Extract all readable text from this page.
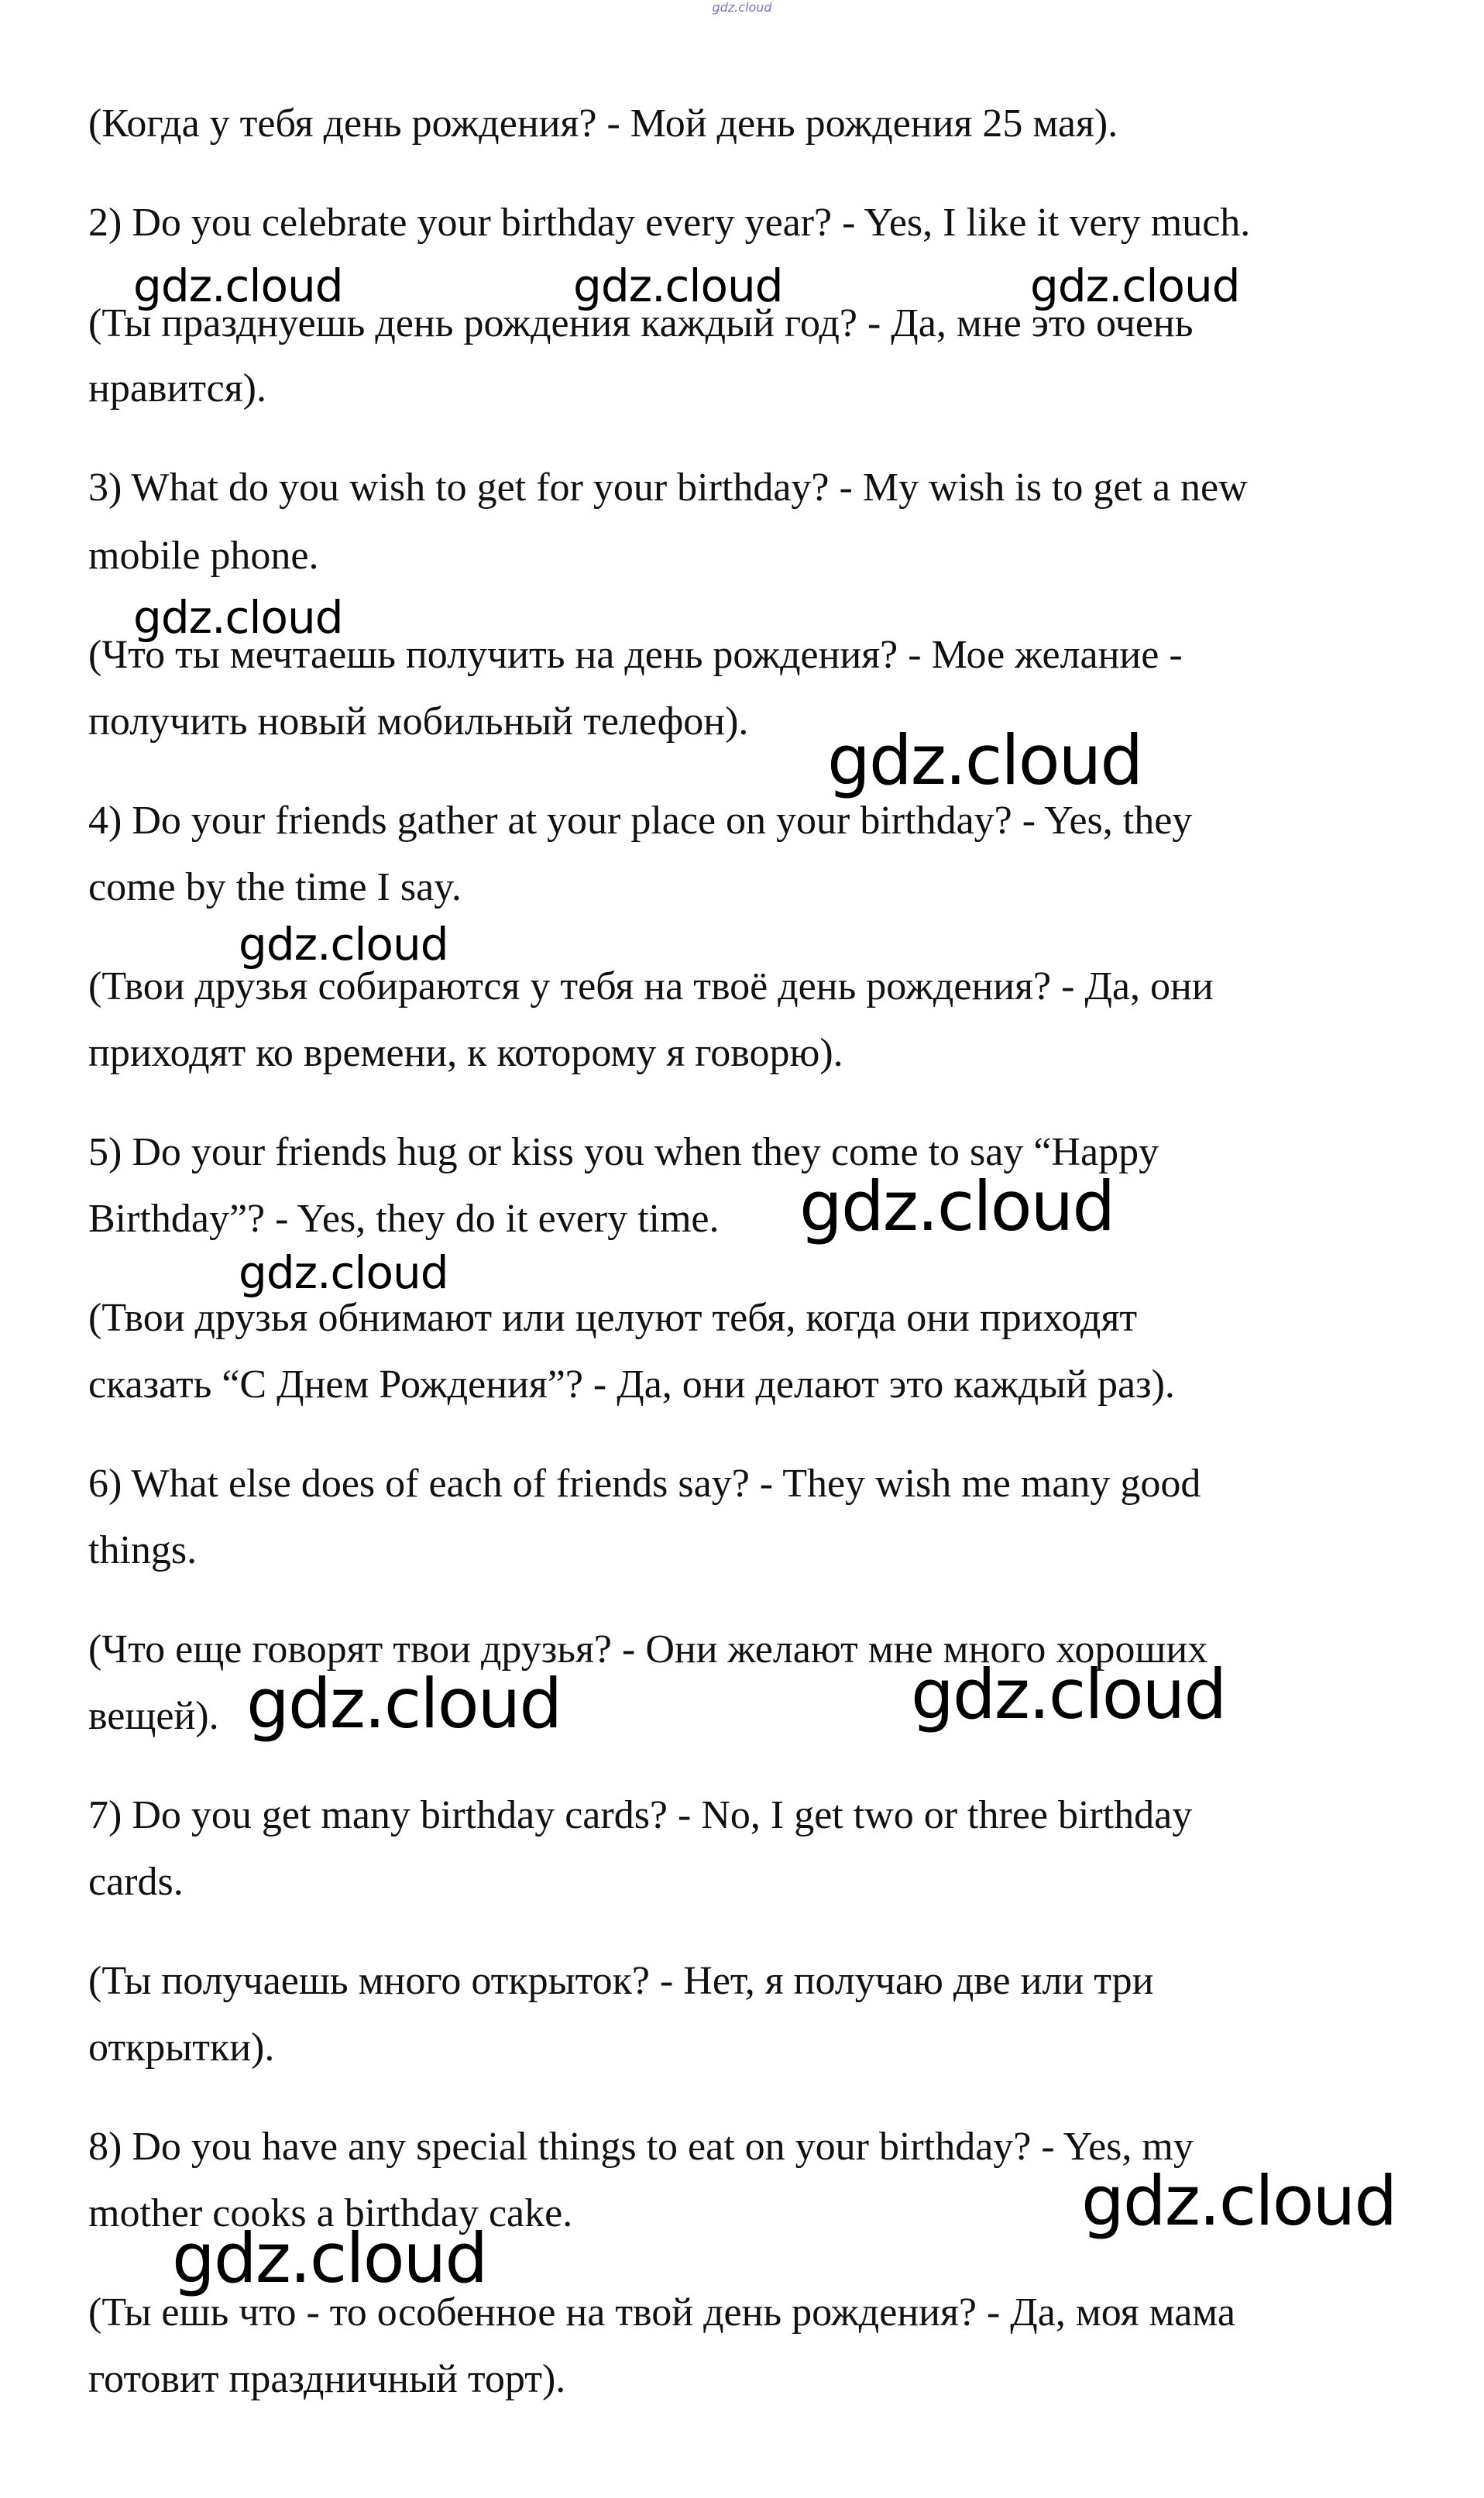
gdz.cloud
(Когда у тебя день рождения? - Мой день рождения 25 мая).
2) Do you celebrate your birthday every year? - Yes, I like it very much.
(Ты празднуешь день рождения каждый год? - Да, мне это очень
нравится).
3) What do you wish to get for your birthday? - My wish is to get a new
mobile phone.
(Что ты мечтаешь получить на день рождения? - Мое желание -
получить новый мобильный телефон).
4) Do your friends gather at your place on your birthday? - Yes, they
come by the time I say.
(Твои друзья собираются у тебя на твоё день рождения? - Да, они
приходят ко времени, к которому я говорю).
5) Do your friends hug or kiss you when they come to say “Happy
Birthday”? - Yes, they do it every time.
(Твои друзья обнимают или целуют тебя, когда они приходят
сказать “С Днем Рождения”? - Да, они делают это каждый раз).
6) What else does of each of friends say? - They wish me many good
things.
(Что еще говорят твои друзья? - Они желают мне много хороших
вещей).
7) Do you get many birthday cards? - No, I get two or three birthday
cards.
(Ты получаешь много открыток? - Нет, я получаю две или три
открытки).
8) Do you have any special things to eat on your birthday? - Yes, my
mother cooks a birthday cake.
(Ты ешь что - то особенное на твой день рождения? - Да, моя мама
готовит праздничный торт).
gdz.cloud	gdz.cloud	gdz.cloud
gdz.cloud
gdz.cloud
gdz.cloud
gdz.cloud
gdz.cloud
gdz.cloud	gdz.cloud
gdz.cloud
gdz.cloud
